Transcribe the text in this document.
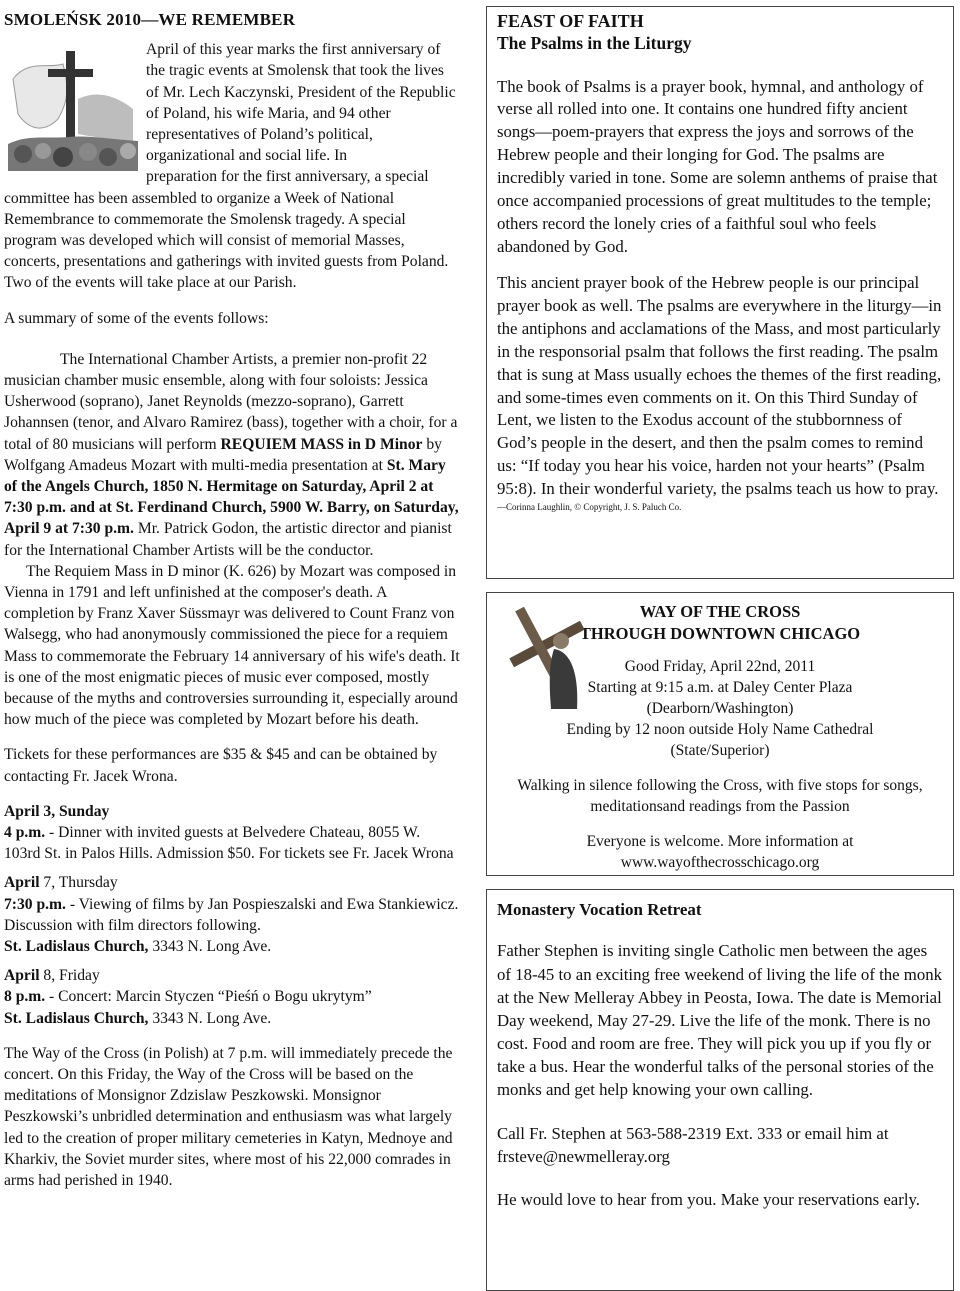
SMOLEŃSK 2010—WE REMEMBER

April of this year marks the first anniversary of the tragic events at Smolensk that took the lives of Mr. Lech Kaczynski, President of the Republic of Poland, his wife Maria, and 94 other representatives of Poland’s political, organizational and social life. In
preparation for the first anniversary, a special committee has been assembled to organize a Week of National Remembrance to commemorate the Smolensk tragedy. A special program was developed which will consist of memorial Masses, concerts, presentations and gatherings with invited guests from Poland. Two of the events will take place at our Parish.

A summary of some of the events follows:

The International Chamber Artists, a premier non-profit 22 musician chamber music ensemble, along with four soloists: Jessica Usherwood (soprano), Janet Reynolds (mezzo-soprano), Garrett Johannsen (tenor, and Alvaro Ramirez (bass), together with a choir, for a total of 80 musicians will perform REQUIEM MASS in D Minor by Wolfgang Amadeus Mozart with multi-media presentation at St. Mary of the Angels Church, 1850 N. Hermitage on Saturday, April 2 at 7:30 p.m. and at St. Ferdinand Church, 5900 W. Barry, on Saturday, April 9 at 7:30 p.m. Mr. Patrick Godon, the artistic director and pianist for the International Chamber Artists will be the conductor.

The Requiem Mass in D minor (K. 626) by Mozart was composed in Vienna in 1791 and left unfinished at the composer's death. A completion by Franz Xaver Süssmayr was delivered to Count Franz von Walsegg, who had anonymously commissioned the piece for a requiem Mass to commemorate the February 14 anniversary of his wife's death. It is one of the most enigmatic pieces of music ever composed, mostly because of the myths and controversies surrounding it, especially around how much of the piece was completed by Mozart before his death.

Tickets for these performances are $35 & $45 and can be obtained by contacting Fr. Jacek Wrona.

April 3, Sunday
4 p.m. - Dinner with invited guests at Belvedere Chateau, 8055 W. 103rd St. in Palos Hills. Admission $50. For tickets see Fr. Jacek Wrona

April 7, Thursday
7:30 p.m. - Viewing of films by Jan Pospieszalski and Ewa Stankiewicz. Discussion with film directors following.
St. Ladislaus Church, 3343 N. Long Ave.

April 8, Friday
8 p.m. - Concert: Marcin Styczen “Pieśń o Bogu ukrytym”
St. Ladislaus Church, 3343 N. Long Ave.

The Way of the Cross (in Polish) at 7 p.m. will immediately precede the concert. On this Friday, the Way of the Cross will be based on the meditations of Monsignor Zdzislaw Peszkowski. Monsignor Peszkowski’s unbridled determination and enthusiasm was what largely led to the creation of proper military cemeteries in Katyn, Mednoye and Kharkiv, the Soviet murder sites, where most of his 22,000 comrades in arms had perished in 1940.

FEAST OF FAITH

The Psalms in the Liturgy

The book of Psalms is a prayer book, hymnal, and anthology of verse all rolled into one. It contains one hundred fifty ancient songs—poem-prayers that express the joys and sorrows of the Hebrew people and their longing for God. The psalms are incredibly varied in tone. Some are solemn anthems of praise that once accompanied processions of great multitudes to the temple; others record the lonely cries of a faithful soul who feels abandoned by God.

This ancient prayer book of the Hebrew people is our principal prayer book as well. The psalms are everywhere in the liturgy—in the antiphons and acclamations of the Mass, and most particularly in the responsorial psalm that follows the first reading. The psalm that is sung at Mass usually echoes the themes of the first reading, and some-times even comments on it. On this Third Sunday of Lent, we listen to the Exodus account of the stubbornness of God’s people in the desert, and then the psalm comes to remind us: “If today you hear his voice, harden not your hearts” (Psalm 95:8). In their wonderful variety, the psalms teach us how to pray.

—Corinna Laughlin, © Copyright, J. S. Paluch Co.

WAY OF THE CROSS

THROUGH DOWNTOWN CHICAGO

Good Friday, April 22nd, 2011

Starting at 9:15 a.m. at Daley Center Plaza

(Dearborn/Washington)

Ending by 12 noon outside Holy Name Cathedral

(State/Superior)

Walking in silence following the Cross, with five stops for songs, meditationsand readings from the Passion

Everyone is welcome. More information at

www.wayofthecrosschicago.org

Monastery Vocation Retreat

Father Stephen is inviting single Catholic men between the ages of 18-45 to an exciting free weekend of living the life of the monk at the New Melleray Abbey in Peosta, Iowa. The date is Memorial Day weekend, May 27-29. Live the life of the monk. There is no cost. Food and room are free. They will pick you up if you fly or take a bus. Hear the wonderful talks of the personal stories of the monks and get help knowing your own calling.

Call Fr. Stephen at 563-588-2319 Ext. 333 or email him at frsteve@newmelleray.org

He would love to hear from you. Make your reservations early.
